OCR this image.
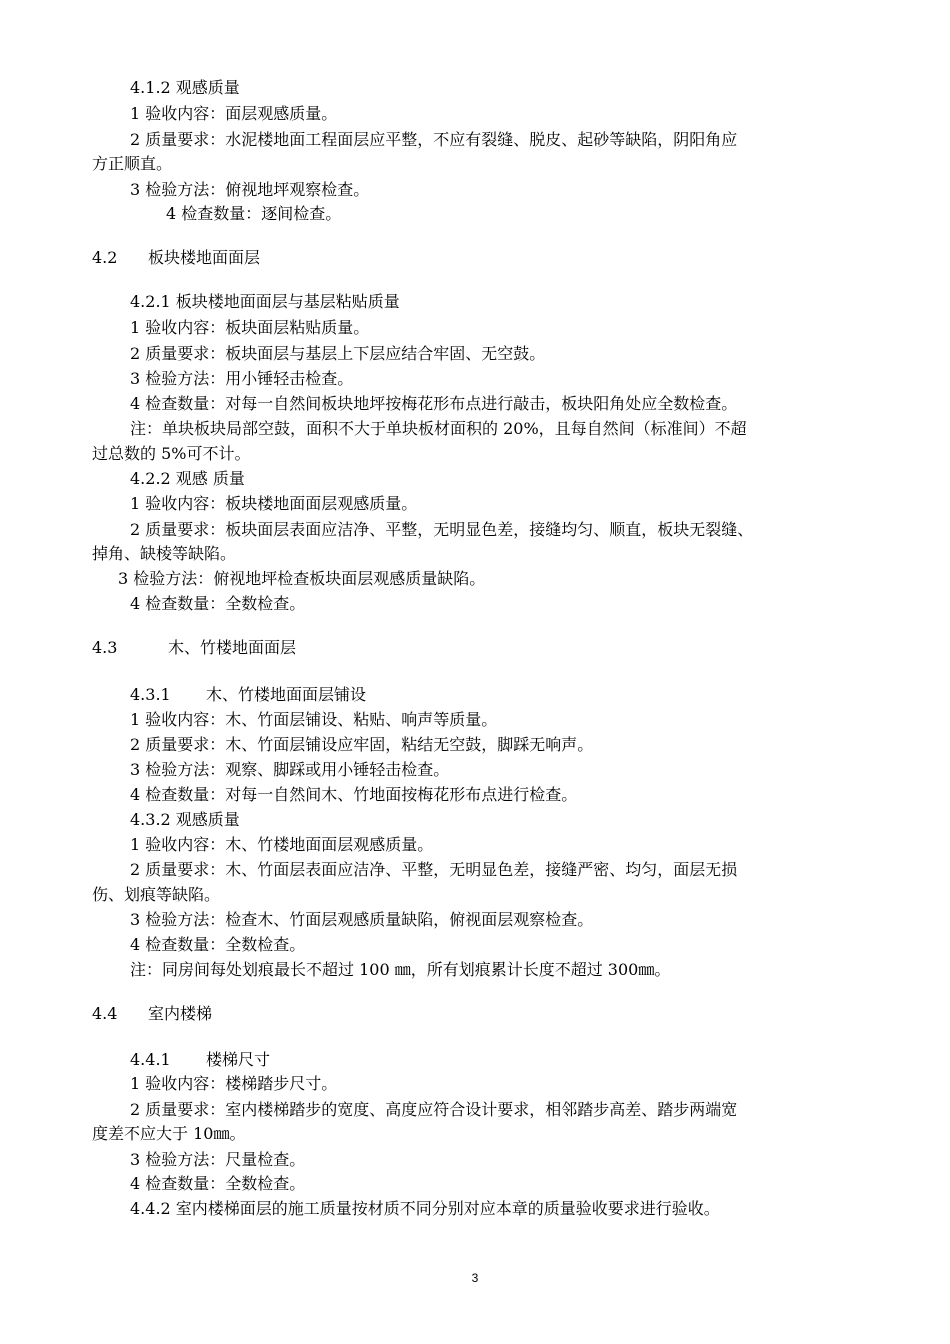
4.1.2 观感质量
1 验收内容：面层观感质量。
2 质量要求：水泥楼地面工程面层应平整，不应有裂缝、脱皮、起砂等缺陷，阴阳角应
方正顺直。
3 检验方法：俯视地坪观察检查。
4 检查数量：逐间检查。
4.2 板块楼地面面层
4.2.1 板块楼地面面层与基层粘贴质量
1 验收内容：板块面层粘贴质量。
2 质量要求：板块面层与基层上下层应结合牢固、无空鼓。
3 检验方法：用小锤轻击检查。
4 检查数量：对每一自然间板块地坪按梅花形布点进行敲击，板块阳角处应全数检查。
注：单块板块局部空鼓，面积不大于单块板材面积的 20%，且每自然间（标准间）不超
过总数的 5%可不计。
4.2.2 观感 质量
1 验收内容：板块楼地面面层观感质量。
2 质量要求：板块面层表面应洁净、平整，无明显色差，接缝均匀、顺直，板块无裂缝、
掉角、缺棱等缺陷。
3 检验方法：俯视地坪检查板块面层观感质量缺陷。
4 检查数量：全数检查。
4.3	木、竹楼地面面层
4.3.1 木、竹楼地面面层铺设
1 验收内容：木、竹面层铺设、粘贴、响声等质量。
2 质量要求：木、竹面层铺设应牢固，粘结无空鼓，脚踩无响声。
3 检验方法：观察、脚踩或用小锤轻击检查。
4 检查数量：对每一自然间木、竹地面按梅花形布点进行检查。
4.3.2 观感质量
1 验收内容：木、竹楼地面面层观感质量。
2 质量要求：木、竹面层表面应洁净、平整，无明显色差，接缝严密、均匀，面层无损
伤、划痕等缺陷。
3 检验方法：检查木、竹面层观感质量缺陷，俯视面层观察检查。
4 检查数量：全数检查。
注：同房间每处划痕最长不超过 100 ㎜，所有划痕累计长度不超过 300㎜。
4.4 室内楼梯
4.4.1 楼梯尺寸
1 验收内容：楼梯踏步尺寸。
2 质量要求：室内楼梯踏步的宽度、高度应符合设计要求，相邻踏步高差、踏步两端宽
度差不应大于 10㎜。
3 检验方法：尺量检查。
4 检查数量：全数检查。
4.4.2 室内楼梯面层的施工质量按材质不同分别对应本章的质量验收要求进行验收。
3
